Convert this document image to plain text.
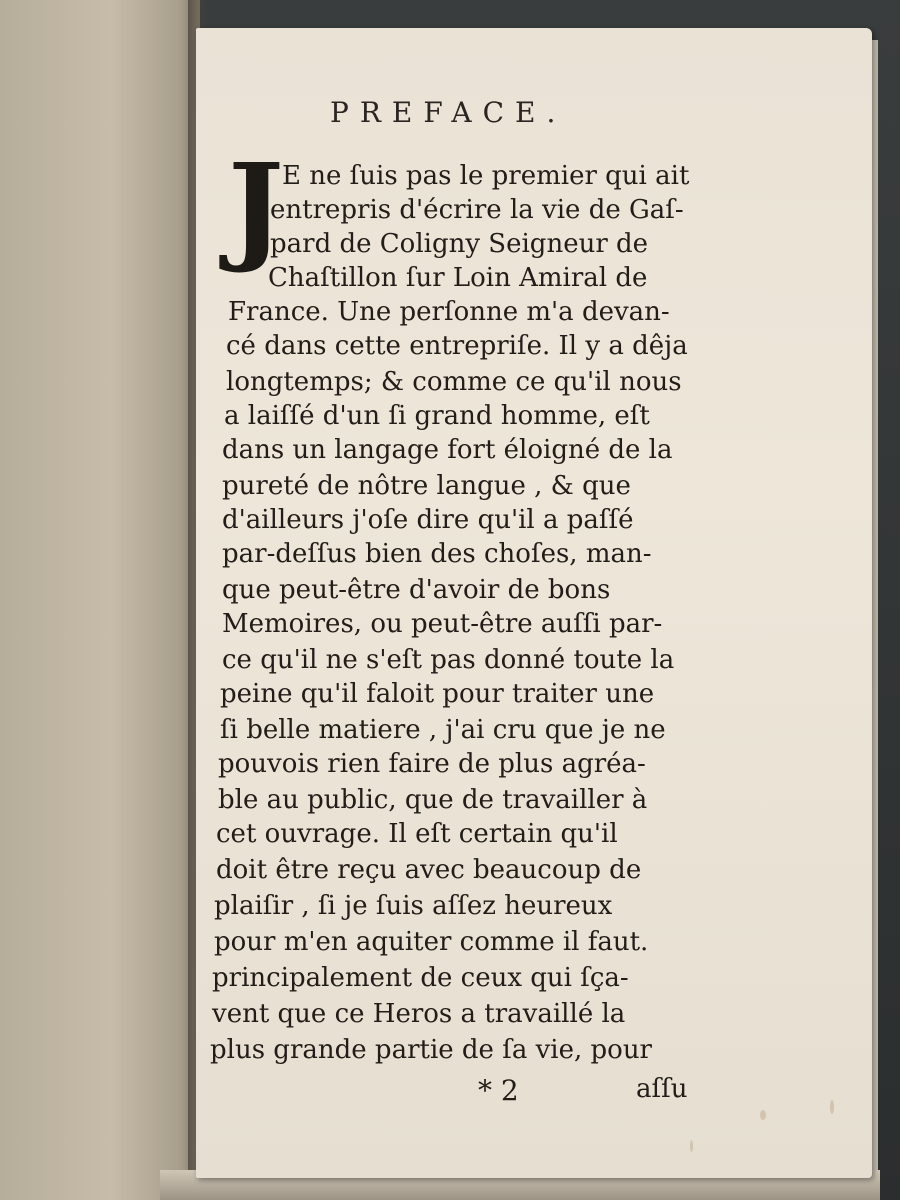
PREFACE.
J
E ne ſuis pas le premier qui ait
entrepris d'écrire la vie de Gaſ-
pard de Coligny Seigneur de
Chaſtillon ſur Loin Amiral de
France. Une perſonne m'a devan-
cé dans cette entrepriſe. Il y a dêja
longtemps; & comme ce qu'il nous
a laiſſé d'un ſi grand homme, eſt
dans un langage fort éloigné de la
pureté de nôtre langue , & que
d'ailleurs j'oſe dire qu'il a paſſé
par-deſſus bien des choſes, man-
que peut-être d'avoir de bons
Memoires, ou peut-être auſſi par-
ce qu'il ne s'eſt pas donné toute la
peine qu'il faloit pour traiter une
ſi belle matiere , j'ai cru que je ne
pouvois rien faire de plus agréa-
ble au public, que de travailler à
cet ouvrage. Il eſt certain qu'il
doit être reçu avec beaucoup de
plaiſir , ſi je ſuis aſſez heureux
pour m'en aquiter comme il faut.
principalement de ceux qui ſça-
vent que ce Heros a travaillé la
plus grande partie de ſa vie, pour
* 2	aſſu
